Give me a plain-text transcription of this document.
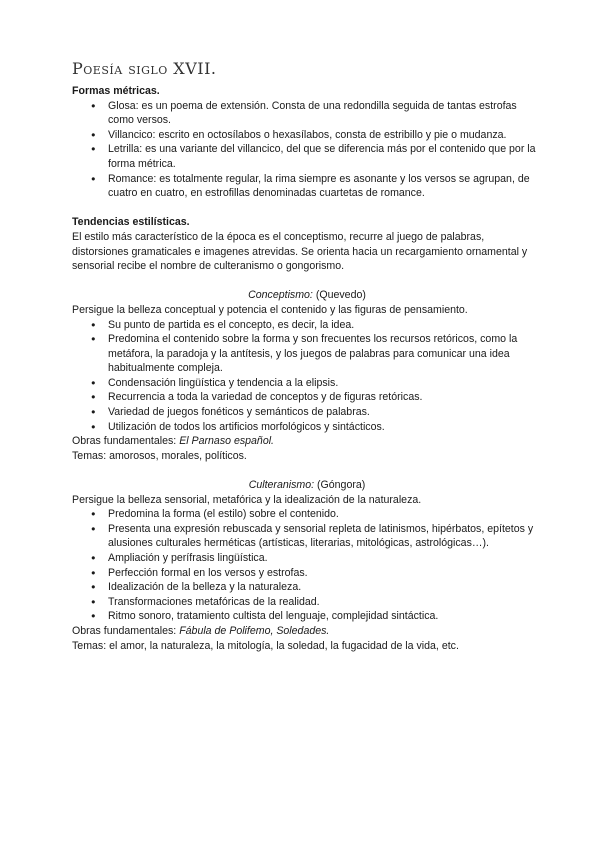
Poesía siglo XVII.

Formas métricas.

● Glosa: es un poema de extensión. Consta de una redondilla seguida de tantas estrofas como versos.
● Villancico: escrito en octosílabos o hexasílabos, consta de estribillo y pie o mudanza.
● Letrilla: es una variante del villancico, del que se diferencia más por el contenido que por la forma métrica.
● Romance: es totalmente regular, la rima siempre es asonante y los versos se agrupan, de cuatro en cuatro, en estrofillas denominadas cuartetas de romance.

Tendencias estilísticas.

El estilo más característico de la época es el conceptismo, recurre al juego de palabras, distorsiones gramaticales e imagenes atrevidas. Se orienta hacia un recargamiento ornamental y sensorial recibe el nombre de culteranismo o gongorismo.

Conceptismo: (Quevedo)

Persigue la belleza conceptual y potencia el contenido y las figuras de pensamiento.

● Su punto de partida es el concepto, es decir, la idea.
● Predomina el contenido sobre la forma y son frecuentes los recursos retóricos, como la metáfora, la paradoja y la antítesis, y los juegos de palabras para comunicar una idea habitualmente compleja.
● Condensación lingüística y tendencia a la elipsis.
● Recurrencia a toda la variedad de conceptos y de figuras retóricas.
● Variedad de juegos fonéticos y semánticos de palabras.
● Utilización de todos los artificios morfológicos y sintácticos.

Obras fundamentales: El Parnaso español.

Temas: amorosos, morales, políticos.

Culteranismo: (Góngora)

Persigue la belleza sensorial, metafórica y la idealización de la naturaleza.

● Predomina la forma (el estilo) sobre el contenido.
● Presenta una expresión rebuscada y sensorial repleta de latinismos, hipérbatos, epítetos y alusiones culturales herméticas (artísticas, literarias, mitológicas, astrológicas…).
● Ampliación y perífrasis lingüística.
● Perfección formal en los versos y estrofas.
● Idealización de la belleza y la naturaleza.
● Transformaciones metafóricas de la realidad.
● Ritmo sonoro, tratamiento cultista del lenguaje, complejidad sintáctica.

Obras fundamentales: Fábula de Polifemo, Soledades.

Temas: el amor, la naturaleza, la mitología, la soledad, la fugacidad de la vida, etc.
